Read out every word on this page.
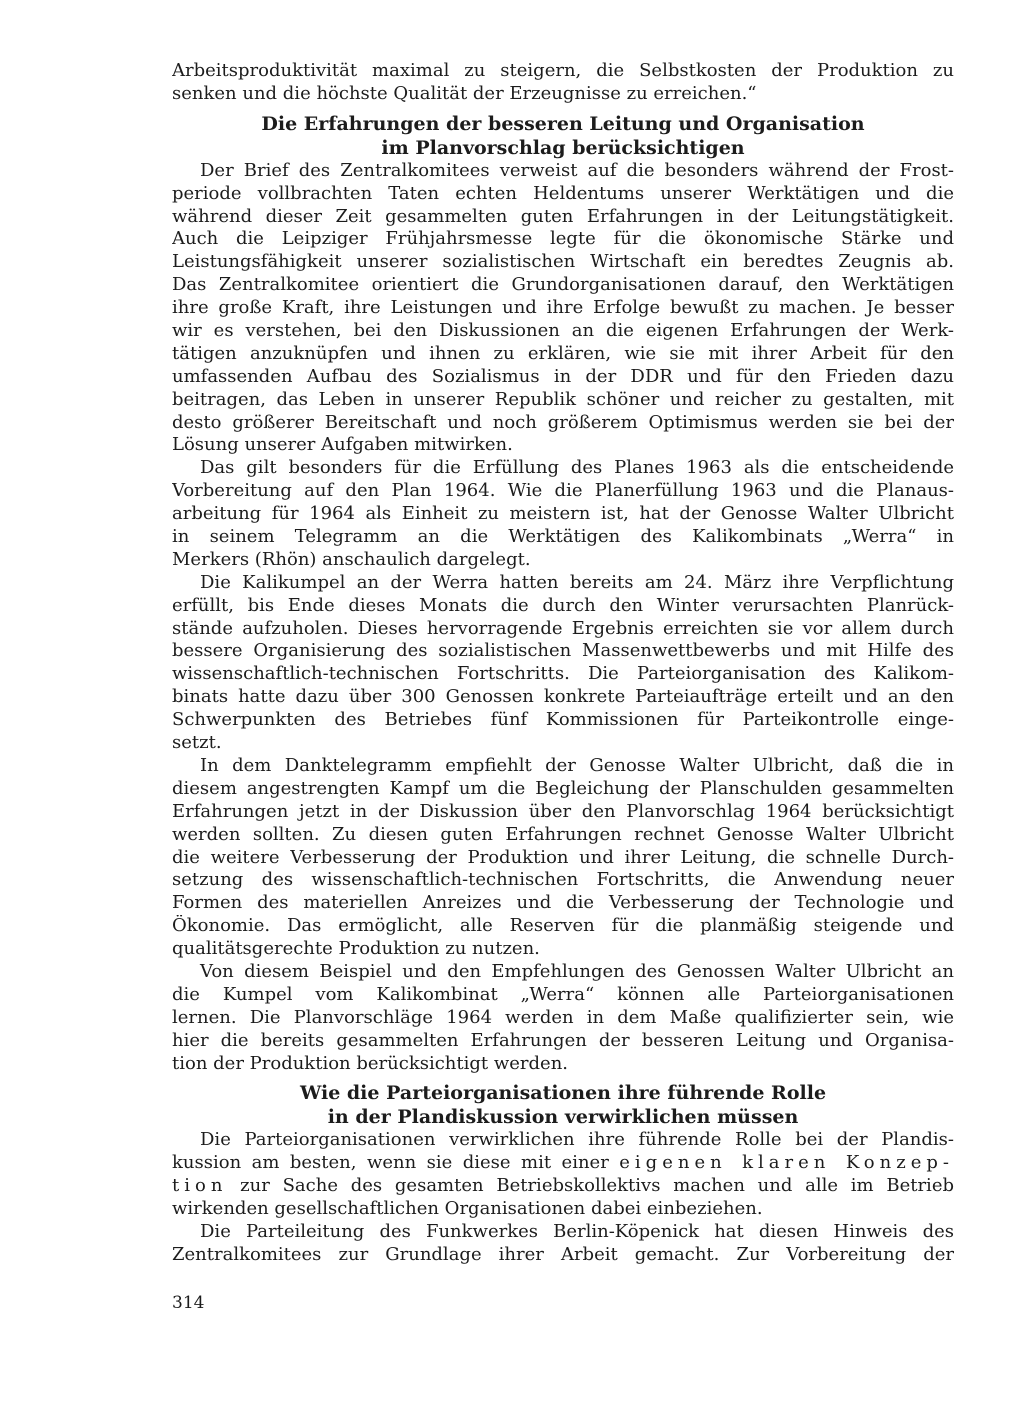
Arbeitsproduktivität maximal zu steigern, die Selbstkosten der Produktion zu
senken und die höchste Qualität der Erzeugnisse zu erreichen.“
Die Erfahrungen der besseren Leitung und Organisation
im Planvorschlag berücksichtigen
Der Brief des Zentralkomitees verweist auf die besonders während der Frost-
periode vollbrachten Taten echten Heldentums unserer Werktätigen und die
während dieser Zeit gesammelten guten Erfahrungen in der Leitungstätigkeit.
Auch die Leipziger Frühjahrsmesse legte für die ökonomische Stärke und
Leistungsfähigkeit unserer sozialistischen Wirtschaft ein beredtes Zeugnis ab.
Das Zentralkomitee orientiert die Grundorganisationen darauf, den Werktätigen
ihre große Kraft, ihre Leistungen und ihre Erfolge bewußt zu machen. Je besser
wir es verstehen, bei den Diskussionen an die eigenen Erfahrungen der Werk-
tätigen anzuknüpfen und ihnen zu erklären, wie sie mit ihrer Arbeit für den
umfassenden Aufbau des Sozialismus in der DDR und für den Frieden dazu
beitragen, das Leben in unserer Republik schöner und reicher zu gestalten, mit
desto größerer Bereitschaft und noch größerem Optimismus werden sie bei der
Lösung unserer Aufgaben mitwirken.
Das gilt besonders für die Erfüllung des Planes 1963 als die entscheidende
Vorbereitung auf den Plan 1964. Wie die Planerfüllung 1963 und die Planaus-
arbeitung für 1964 als Einheit zu meistern ist, hat der Genosse Walter Ulbricht
in seinem Telegramm an die Werktätigen des Kalikombinats „Werra“ in
Merkers (Rhön) anschaulich dargelegt.
Die Kalikumpel an der Werra hatten bereits am 24. März ihre Verpflichtung
erfüllt, bis Ende dieses Monats die durch den Winter verursachten Planrück-
stände aufzuholen. Dieses hervorragende Ergebnis erreichten sie vor allem durch
bessere Organisierung des sozialistischen Massenwettbewerbs und mit Hilfe des
wissenschaftlich-technischen Fortschritts. Die Parteiorganisation des Kalikom-
binats hatte dazu über 300 Genossen konkrete Parteiaufträge erteilt und an den
Schwerpunkten des Betriebes fünf Kommissionen für Parteikontrolle einge-
setzt.
In dem Danktelegramm empfiehlt der Genosse Walter Ulbricht, daß die in
diesem angestrengten Kampf um die Begleichung der Planschulden gesammelten
Erfahrungen jetzt in der Diskussion über den Planvorschlag 1964 berücksichtigt
werden sollten. Zu diesen guten Erfahrungen rechnet Genosse Walter Ulbricht
die weitere Verbesserung der Produktion und ihrer Leitung, die schnelle Durch-
setzung des wissenschaftlich-technischen Fortschritts, die Anwendung neuer
Formen des materiellen Anreizes und die Verbesserung der Technologie und
Ökonomie. Das ermöglicht, alle Reserven für die planmäßig steigende und
qualitätsgerechte Produktion zu nutzen.
Von diesem Beispiel und den Empfehlungen des Genossen Walter Ulbricht an
die Kumpel vom Kalikombinat „Werra“ können alle Parteiorganisationen
lernen. Die Planvorschläge 1964 werden in dem Maße qualifizierter sein, wie
hier die bereits gesammelten Erfahrungen der besseren Leitung und Organisa-
tion der Produktion berücksichtigt werden.
Wie die Parteiorganisationen ihre führende Rolle
in der Plandiskussion verwirklichen müssen
Die Parteiorganisationen verwirklichen ihre führende Rolle bei der Plandis-
kussion am besten, wenn sie diese mit einer eigenen klaren Konzep-
tion zur Sache des gesamten Betriebskollektivs machen und alle im Betrieb
wirkenden gesellschaftlichen Organisationen dabei einbeziehen.
Die Parteileitung des Funkwerkes Berlin-Köpenick hat diesen Hinweis des
Zentralkomitees zur Grundlage ihrer Arbeit gemacht. Zur Vorbereitung der
314
